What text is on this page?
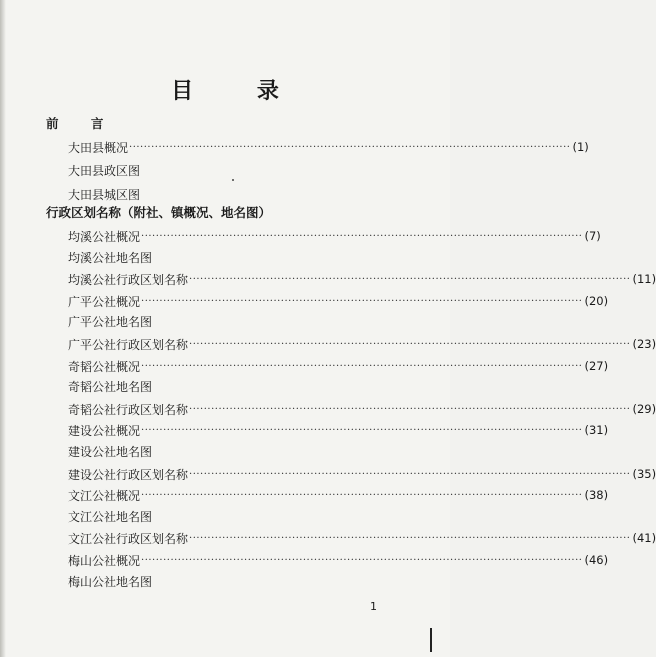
目 录
前 言
大田县概况 ························································································································ ( 1 )
大田县政区图
大田县城区图
行政区划名称（附社、镇概况、地名图）
均溪公社概况 ························································································································ ( 7 )
均溪公社地名图
均溪公社行政区划名称 ························································································································ ( 11 )
广平公社概况 ························································································································ ( 20 )
广平公社地名图
广平公社行政区划名称 ························································································································ ( 23 )
奇韬公社概况 ························································································································ ( 27 )
奇韬公社地名图
奇韬公社行政区划名称 ························································································································ ( 29 )
建设公社概况 ························································································································ ( 31 )
建设公社地名图
建设公社行政区划名称 ························································································································ ( 35 )
文江公社概况 ························································································································ ( 38 )
文江公社地名图
文江公社行政区划名称 ························································································································ ( 41 )
梅山公社概况 ························································································································ ( 46 )
梅山公社地名图
1
